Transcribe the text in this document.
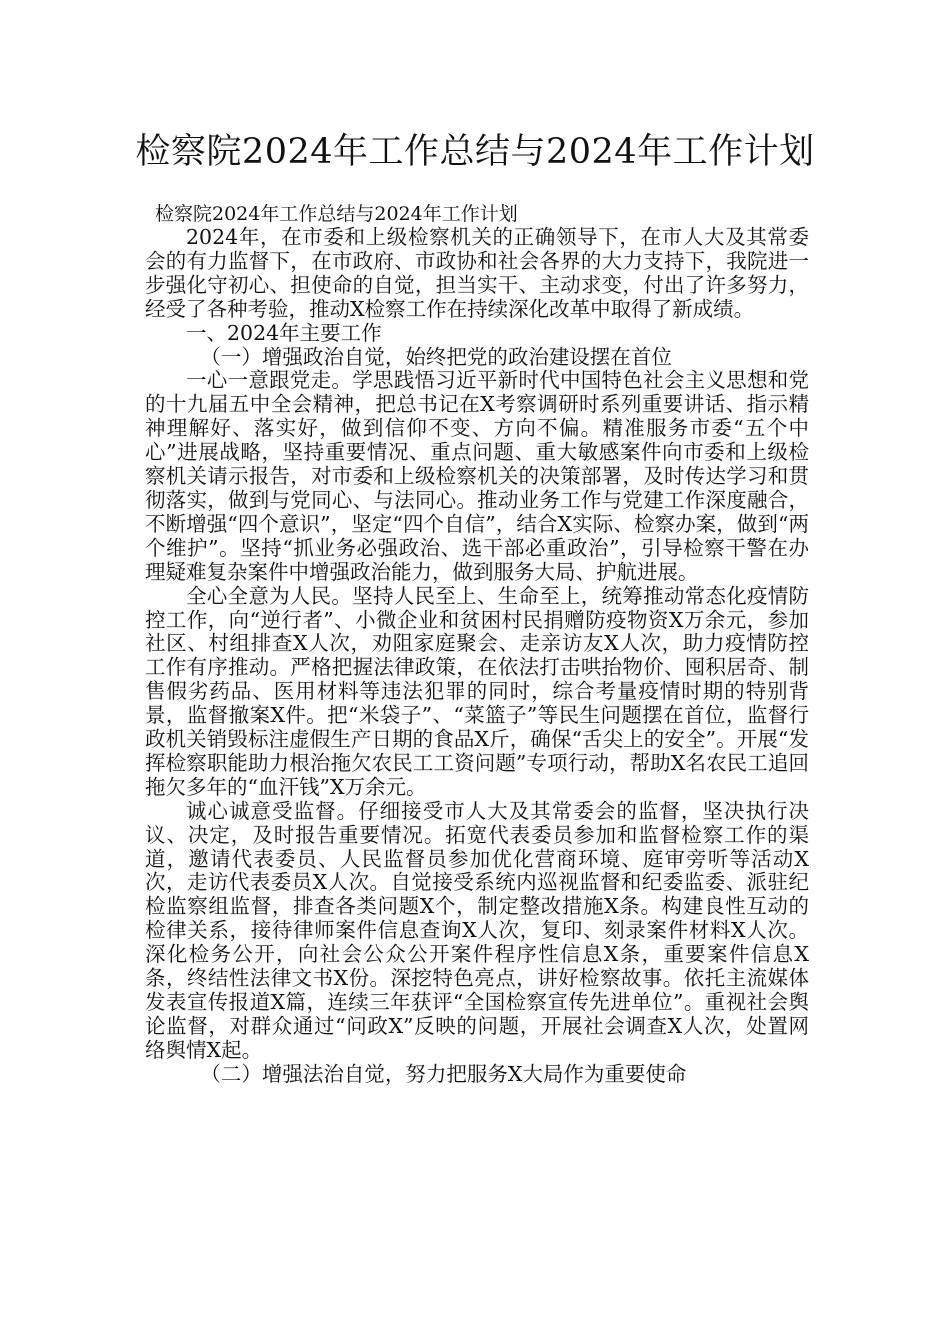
检察院2024年工作总结与2024年工作计划

检察院2024年工作总结与2024年工作计划

2024年，在市委和上级检察机关的正确领导下，在市人大及其常委会的有力监督下，在市政府、市政协和社会各界的大力支持下，我院进一步强化守初心、担使命的自觉，担当实干、主动求变，付出了许多努力，经受了各种考验，推动X检察工作在持续深化改革中取得了新成绩。

一、2024年主要工作

（一）增强政治自觉，始终把党的政治建设摆在首位

一心一意跟党走。学思践悟习近平新时代中国特色社会主义思想和党的十九届五中全会精神，把总书记在X考察调研时系列重要讲话、指示精神理解好、落实好，做到信仰不变、方向不偏。精准服务市委“五个中心”进展战略，坚持重要情况、重点问题、重大敏感案件向市委和上级检察机关请示报告，对市委和上级检察机关的决策部署，及时传达学习和贯彻落实，做到与党同心、与法同心。推动业务工作与党建工作深度融合，不断增强“四个意识”，坚定“四个自信”，结合X实际、检察办案，做到“两个维护”。坚持“抓业务必强政治、选干部必重政治”，引导检察干警在办理疑难复杂案件中增强政治能力，做到服务大局、护航进展。

全心全意为人民。坚持人民至上、生命至上，统筹推动常态化疫情防控工作，向“逆行者”、小微企业和贫困村民捐赠防疫物资X万余元，参加社区、村组排查X人次，劝阻家庭聚会、走亲访友X人次，助力疫情防控工作有序推动。严格把握法律政策，在依法打击哄抬物价、囤积居奇、制售假劣药品、医用材料等违法犯罪的同时，综合考量疫情时期的特别背景，监督撤案X件。把“米袋子”、“菜篮子”等民生问题摆在首位，监督行政机关销毁标注虚假生产日期的食品X斤，确保“舌尖上的安全”。开展“发挥检察职能助力根治拖欠农民工工资问题”专项行动，帮助X名农民工追回拖欠多年的“血汗钱”X万余元。

诚心诚意受监督。仔细接受市人大及其常委会的监督，坚决执行决议、决定，及时报告重要情况。拓宽代表委员参加和监督检察工作的渠道，邀请代表委员、人民监督员参加优化营商环境、庭审旁听等活动X次，走访代表委员X人次。自觉接受系统内巡视监督和纪委监委、派驻纪检监察组监督，排查各类问题X个，制定整改措施X条。构建良性互动的检律关系，接待律师案件信息查询X人次，复印、刻录案件材料X人次。深化检务公开，向社会公众公开案件程序性信息X条，重要案件信息X条，终结性法律文书X份。深挖特色亮点，讲好检察故事。依托主流媒体发表宣传报道X篇，连续三年获评“全国检察宣传先进单位”。重视社会舆论监督，对群众通过“问政X”反映的问题，开展社会调查X人次，处置网络舆情X起。

（二）增强法治自觉，努力把服务X大局作为重要使命
